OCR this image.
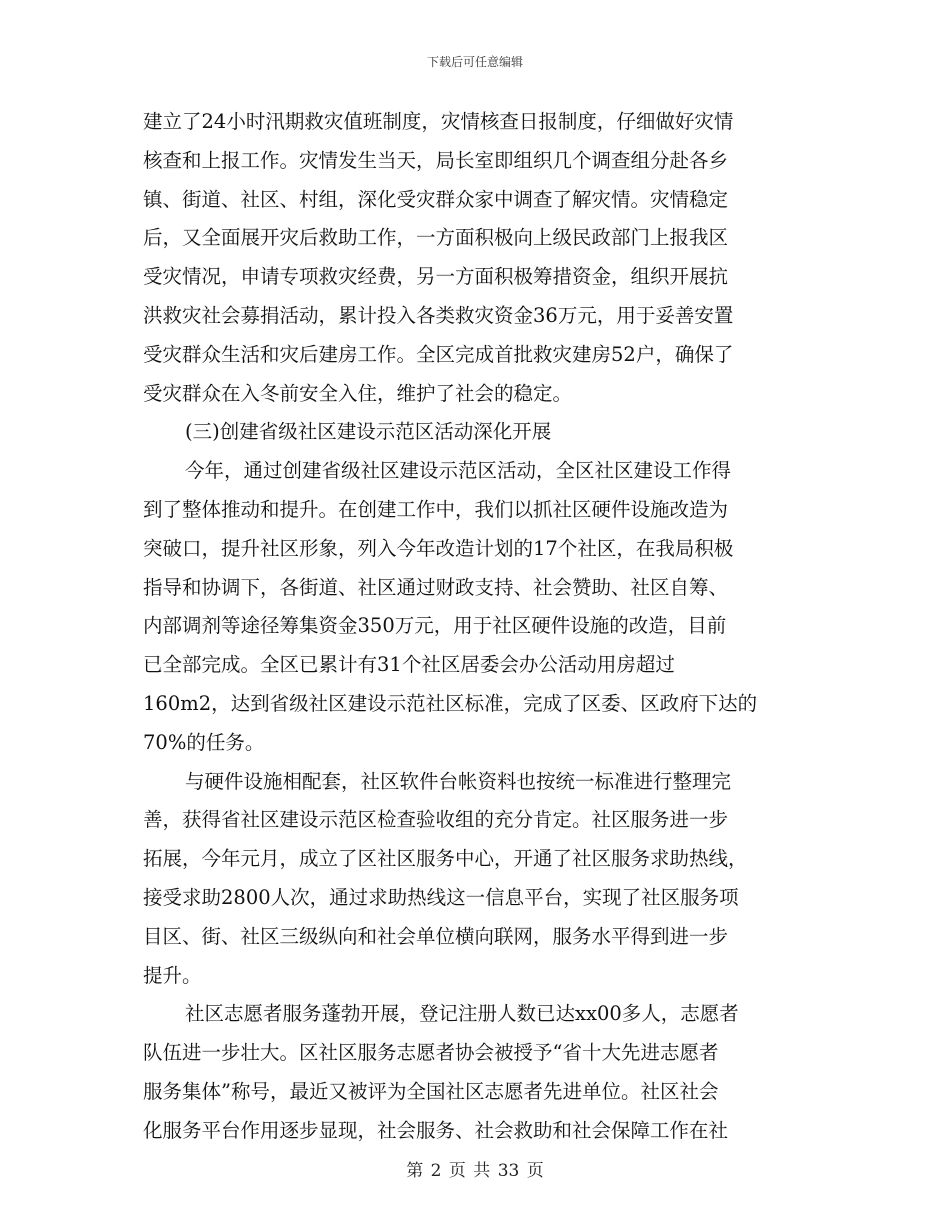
下载后可任意编辑
建立了24小时汛期救灾值班制度，灾情核查日报制度，仔细做好灾情
核查和上报工作。灾情发生当天，局长室即组织几个调查组分赴各乡
镇、街道、社区、村组，深化受灾群众家中调查了解灾情。灾情稳定
后，又全面展开灾后救助工作，一方面积极向上级民政部门上报我区
受灾情况，申请专项救灾经费，另一方面积极筹措资金，组织开展抗
洪救灾社会募捐活动，累计投入各类救灾资金36万元，用于妥善安置
受灾群众生活和灾后建房工作。全区完成首批救灾建房52户，确保了
受灾群众在入冬前安全入住，维护了社会的稳定。
(三)创建省级社区建设示范区活动深化开展
今年，通过创建省级社区建设示范区活动，全区社区建设工作得
到了整体推动和提升。在创建工作中，我们以抓社区硬件设施改造为
突破口，提升社区形象，列入今年改造计划的17个社区，在我局积极
指导和协调下，各街道、社区通过财政支持、社会赞助、社区自筹、
内部调剂等途径筹集资金350万元，用于社区硬件设施的改造，目前
已全部完成。全区已累计有31个社区居委会办公活动用房超过
160m2，达到省级社区建设示范社区标准，完成了区委、区政府下达的
70%的任务。
与硬件设施相配套，社区软件台帐资料也按统一标准进行整理完
善，获得省社区建设示范区检查验收组的充分肯定。社区服务进一步
拓展，今年元月，成立了区社区服务中心，开通了社区服务求助热线，
接受求助2800人次，通过求助热线这一信息平台，实现了社区服务项
目区、街、社区三级纵向和社会单位横向联网，服务水平得到进一步
提升。
社区志愿者服务蓬勃开展，登记注册人数已达xx00多人，志愿者
队伍进一步壮大。区社区服务志愿者协会被授予“省十大先进志愿者
服务集体”称号，最近又被评为全国社区志愿者先进单位。社区社会
化服务平台作用逐步显现，社会服务、社会救助和社会保障工作在社
第 2 页 共 33 页
